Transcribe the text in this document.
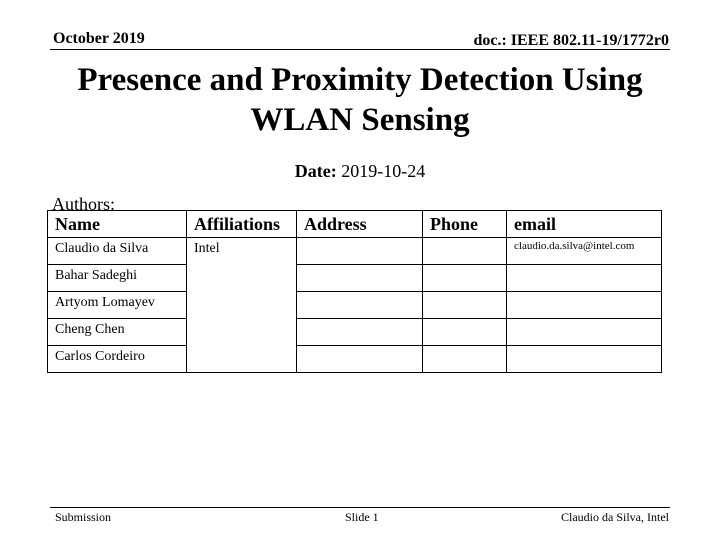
October 2019	doc.: IEEE 802.11-19/1772r0
Presence and Proximity Detection Using
WLAN Sensing
Date: 2019-10-24
Authors:
Name	Affiliations	Address	Phone	email
Claudio da Silva	Intel			claudio.da.silva@intel.com
Bahar Sadeghi				
Artyom Lomayev				
Cheng Chen				
Carlos Cordeiro				
Submission	Slide 1	Claudio da Silva, Intel
